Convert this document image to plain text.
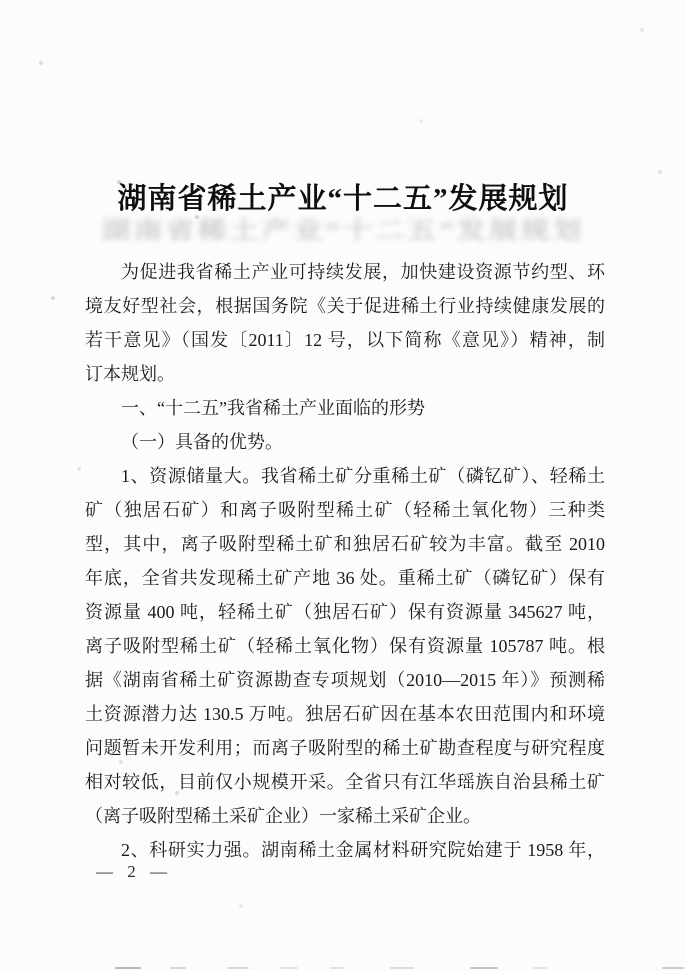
湖南省稀土产业“十二五”发展规划
湖南省稀土产业“十二五”发展规划
为促进我省稀土产业可持续发展，加快建设资源节约型、环
境友好型社会，根据国务院《关于促进稀土行业持续健康发展的
若干意见》（国发〔2011〕12 号，以下简称《意见》）精神，制
订本规划。
一、“十二五”我省稀土产业面临的形势
（一）具备的优势。
1、资源储量大。我省稀土矿分重稀土矿（磷钇矿）、轻稀土
矿（独居石矿）和离子吸附型稀土矿（轻稀土氧化物）三种类
型，其中，离子吸附型稀土矿和独居石矿较为丰富。截至 2010
年底，全省共发现稀土矿产地 36 处。重稀土矿（磷钇矿）保有
资源量 400 吨，轻稀土矿（独居石矿）保有资源量 345627 吨，
离子吸附型稀土矿（轻稀土氧化物）保有资源量 105787 吨。根
据《湖南省稀土矿资源勘查专项规划（2010—2015 年）》预测稀
土资源潜力达 130.5 万吨。独居石矿因在基本农田范围内和环境
问题暂未开发利用；而离子吸附型的稀土矿勘查程度与研究程度
相对较低，目前仅小规模开采。全省只有江华瑶族自治县稀土矿
（离子吸附型稀土采矿企业）一家稀土采矿企业。
2、科研实力强。湖南稀土金属材料研究院始建于 1958 年，
— 2 —
